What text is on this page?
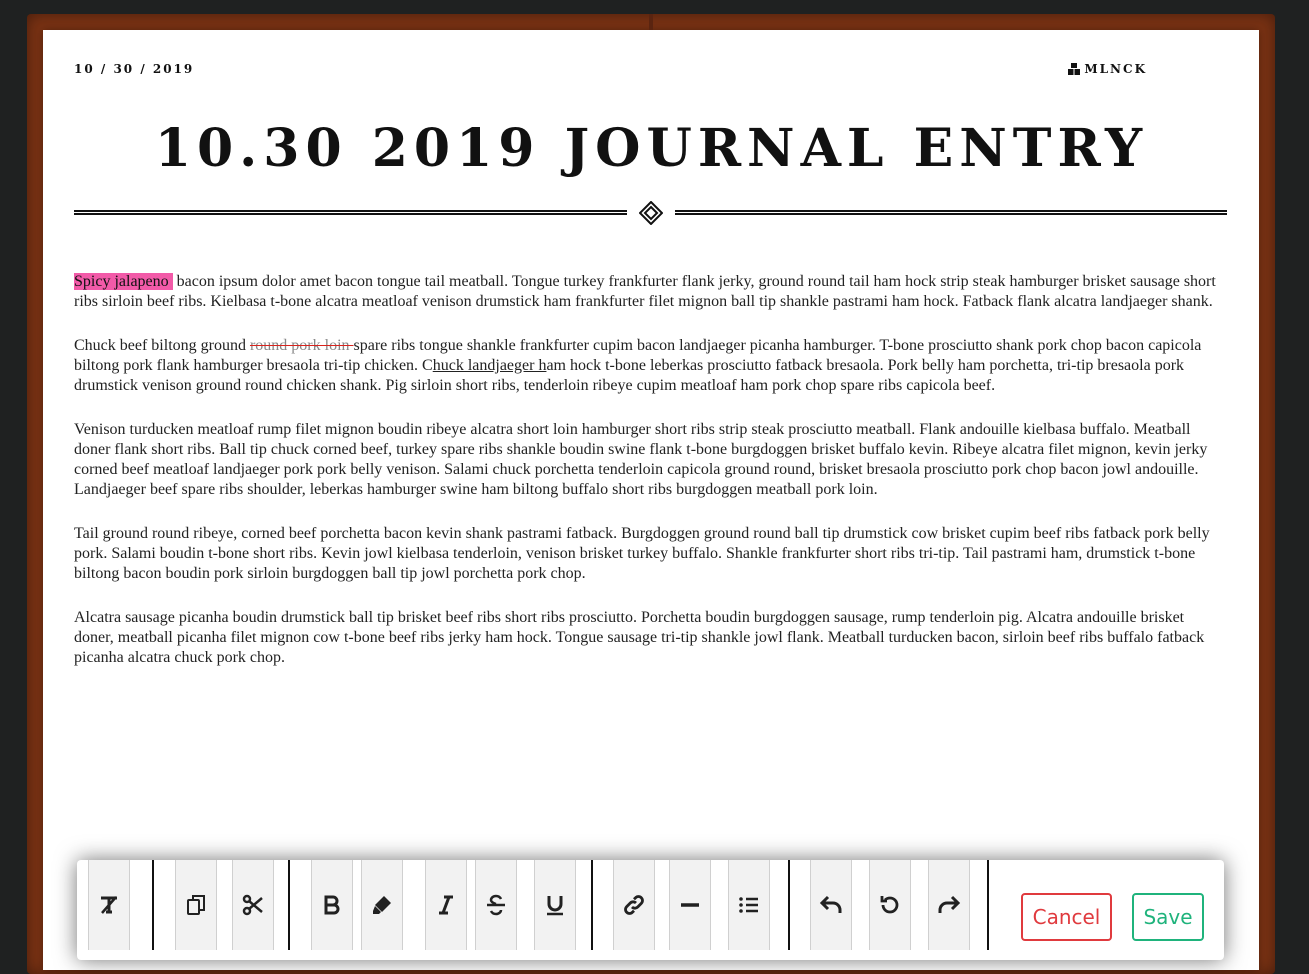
10 / 30 / 2019	MLNCK
10.30 2019 JOURNAL ENTRY

Spicy jalapeno bacon ipsum dolor amet bacon tongue tail meatball. Tongue turkey frankfurter flank jerky, ground round tail ham hock strip steak hamburger brisket sausage short ribs sirloin beef ribs. Kielbasa t-bone alcatra meatloaf venison drumstick ham frankfurter filet mignon ball tip shankle pastrami ham hock. Fatback flank alcatra landjaeger shank.

Chuck beef biltong ground round pork loin spare ribs tongue shankle frankfurter cupim bacon landjaeger picanha hamburger. T-bone prosciutto shank pork chop bacon capicola biltong pork flank hamburger bresaola tri-tip chicken. Chuck landjaeger ham hock t-bone leberkas prosciutto fatback bresaola. Pork belly ham porchetta, tri-tip bresaola pork drumstick venison ground round chicken shank. Pig sirloin short ribs, tenderloin ribeye cupim meatloaf ham pork chop spare ribs capicola beef.

Venison turducken meatloaf rump filet mignon boudin ribeye alcatra short loin hamburger short ribs strip steak prosciutto meatball. Flank andouille kielbasa buffalo. Meatball doner flank short ribs. Ball tip chuck corned beef, turkey spare ribs shankle boudin swine flank t-bone burgdoggen brisket buffalo kevin. Ribeye alcatra filet mignon, kevin jerky corned beef meatloaf landjaeger pork pork belly venison. Salami chuck porchetta tenderloin capicola ground round, brisket bresaola prosciutto pork chop bacon jowl andouille. Landjaeger beef spare ribs shoulder, leberkas hamburger swine ham biltong buffalo short ribs burgdoggen meatball pork loin.

Tail ground round ribeye, corned beef porchetta bacon kevin shank pastrami fatback. Burgdoggen ground round ball tip drumstick cow brisket cupim beef ribs fatback pork belly pork. Salami boudin t-bone short ribs. Kevin jowl kielbasa tenderloin, venison brisket turkey buffalo. Shankle frankfurter short ribs tri-tip. Tail pastrami ham, drumstick t-bone biltong bacon boudin pork sirloin burgdoggen ball tip jowl porchetta pork chop.

Alcatra sausage picanha boudin drumstick ball tip brisket beef ribs short ribs prosciutto. Porchetta boudin burgdoggen sausage, rump tenderloin pig. Alcatra andouille brisket doner, meatball picanha filet mignon cow t-bone beef ribs jerky ham hock. Tongue sausage tri-tip shankle jowl flank. Meatball turducken bacon, sirloin beef ribs buffalo fatback picanha alcatra chuck pork chop.

Cancel	Save
